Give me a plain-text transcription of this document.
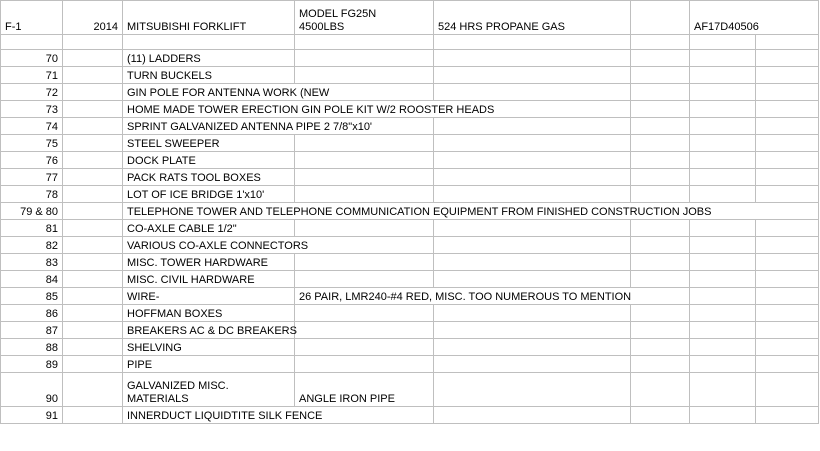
F-1	2014	MITSUBISHI FORKLIFT	MODEL FG25N
4500LBS	524 HRS PROPANE GAS		AF17D40506	

70		(11) LADDERS					
71		TURN BUCKELS					
72		GIN POLE FOR ANTENNA WORK (NEW					
73		HOME MADE TOWER ERECTION GIN POLE KIT W/2 ROOSTER HEADS					
74		SPRINT GALVANIZED ANTENNA PIPE 2 7/8"x10'					
75		STEEL SWEEPER					
76		DOCK PLATE					
77		PACK RATS TOOL BOXES					
78		LOT OF ICE BRIDGE 1'x10'					
79 & 80		TELEPHONE TOWER AND TELEPHONE COMMUNICATION EQUIPMENT FROM FINISHED CONSTRUCTION JOBS					
81		CO-AXLE CABLE 1/2"					
82		VARIOUS CO-AXLE CONNECTORS					
83		MISC. TOWER HARDWARE					
84		MISC. CIVIL HARDWARE					
85		WIRE-	26 PAIR, LMR240-#4 RED, MISC. TOO NUMEROUS TO MENTION				
86		HOFFMAN BOXES					
87		BREAKERS AC & DC BREAKERS					
88		SHELVING					
89		PIPE					
90		GALVANIZED MISC.
MATERIALS	ANGLE IRON PIPE				
91		INNERDUCT LIQUIDTITE SILK FENCE					
